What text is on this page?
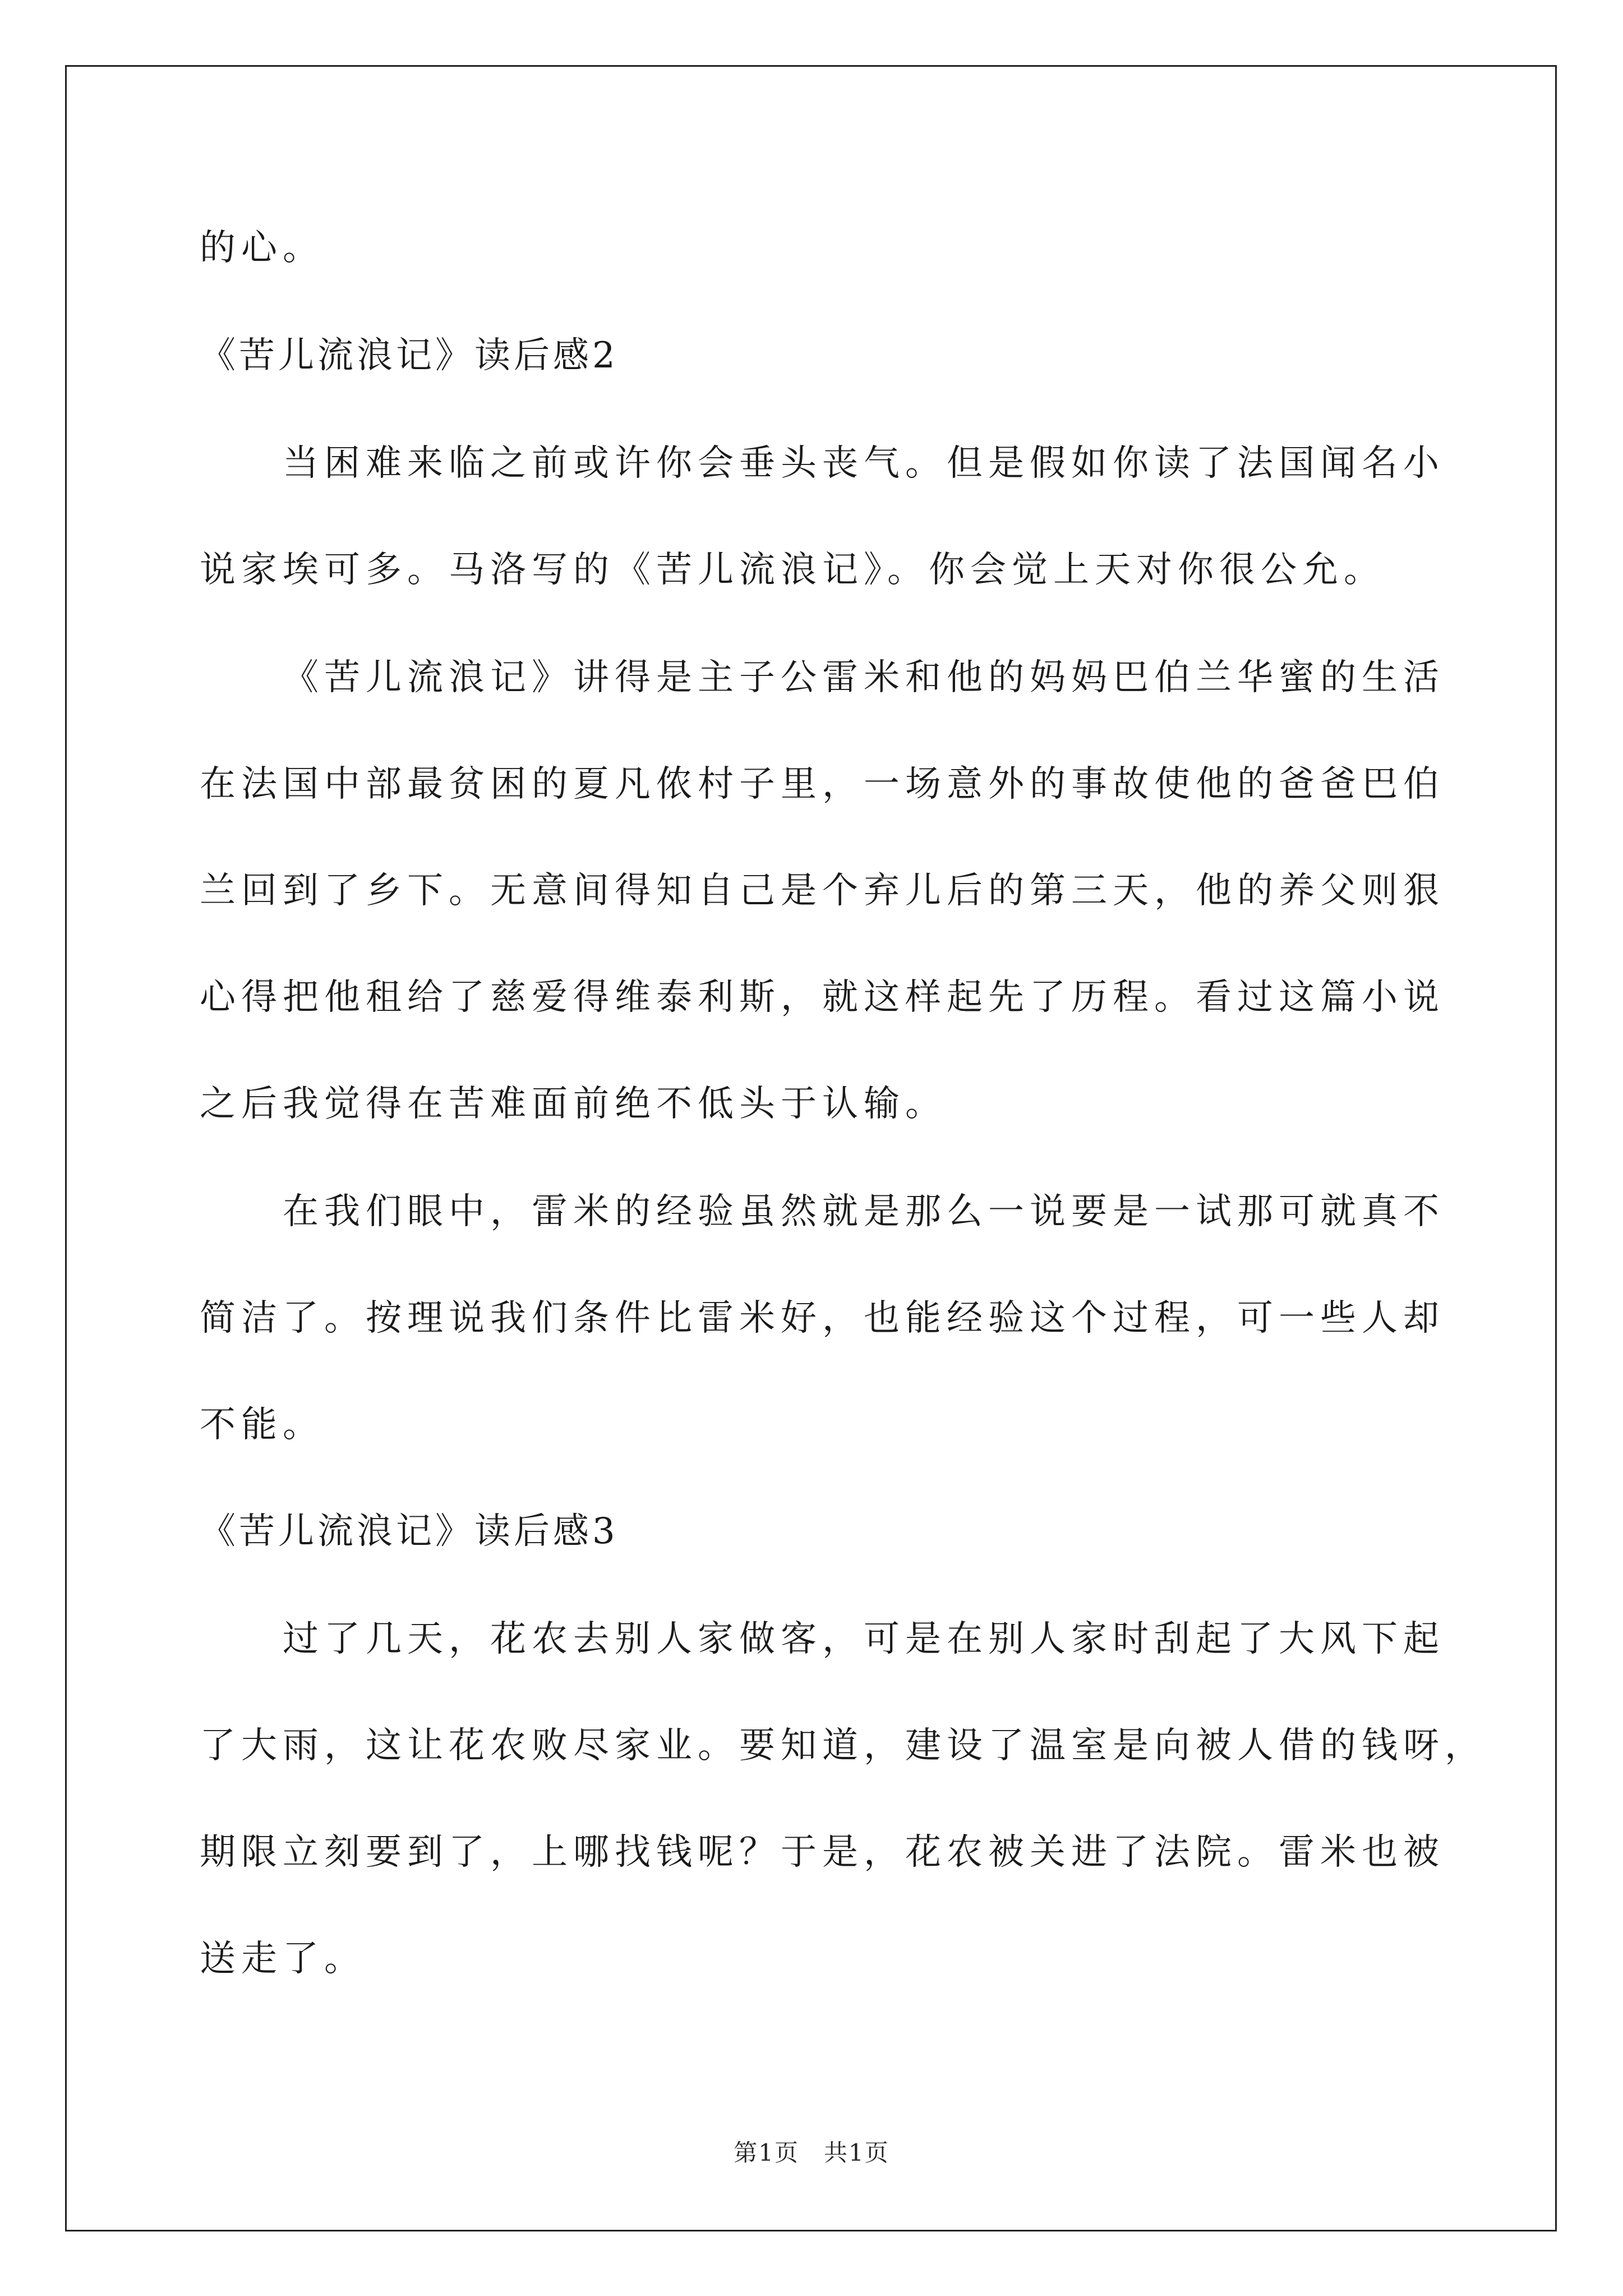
的心。
《苦儿流浪记》读后感2
当困难来临之前或许你会垂头丧气。但是假如你读了法国闻名小
说家埃可多。马洛写的《苦儿流浪记》。你会觉上天对你很公允。
《苦儿流浪记》讲得是主子公雷米和他的妈妈巴伯兰华蜜的生活
在法国中部最贫困的夏凡侬村子里，一场意外的事故使他的爸爸巴伯
兰回到了乡下。无意间得知自己是个弃儿后的第三天，他的养父则狠
心得把他租给了慈爱得维泰利斯，就这样起先了历程。看过这篇小说
之后我觉得在苦难面前绝不低头于认输。
在我们眼中，雷米的经验虽然就是那么一说要是一试那可就真不
简洁了。按理说我们条件比雷米好，也能经验这个过程，可一些人却
不能。
《苦儿流浪记》读后感3
过了几天，花农去别人家做客，可是在别人家时刮起了大风下起
了大雨，这让花农败尽家业。要知道，建设了温室是向被人借的钱呀，
期限立刻要到了，上哪找钱呢？于是，花农被关进了法院。雷米也被
送走了。
第1页　共1页
